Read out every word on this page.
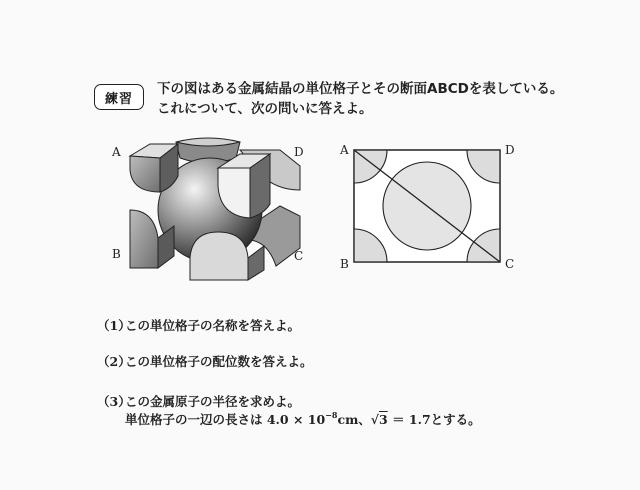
練習
下の図はある金属結晶の単位格子とその断面ABCDを表している。
これについて、次の問いに答えよ。
A
B	C
D	A
B	C
D
（1）この単位格子の名称を答えよ。
（2）この単位格子の配位数を答えよ。
（3）この金属原子の半径を求めよ。
単位格子の一辺の長さは $4.0 \times 10^{-8}cm$、√3 ＝ 1.7とする。
